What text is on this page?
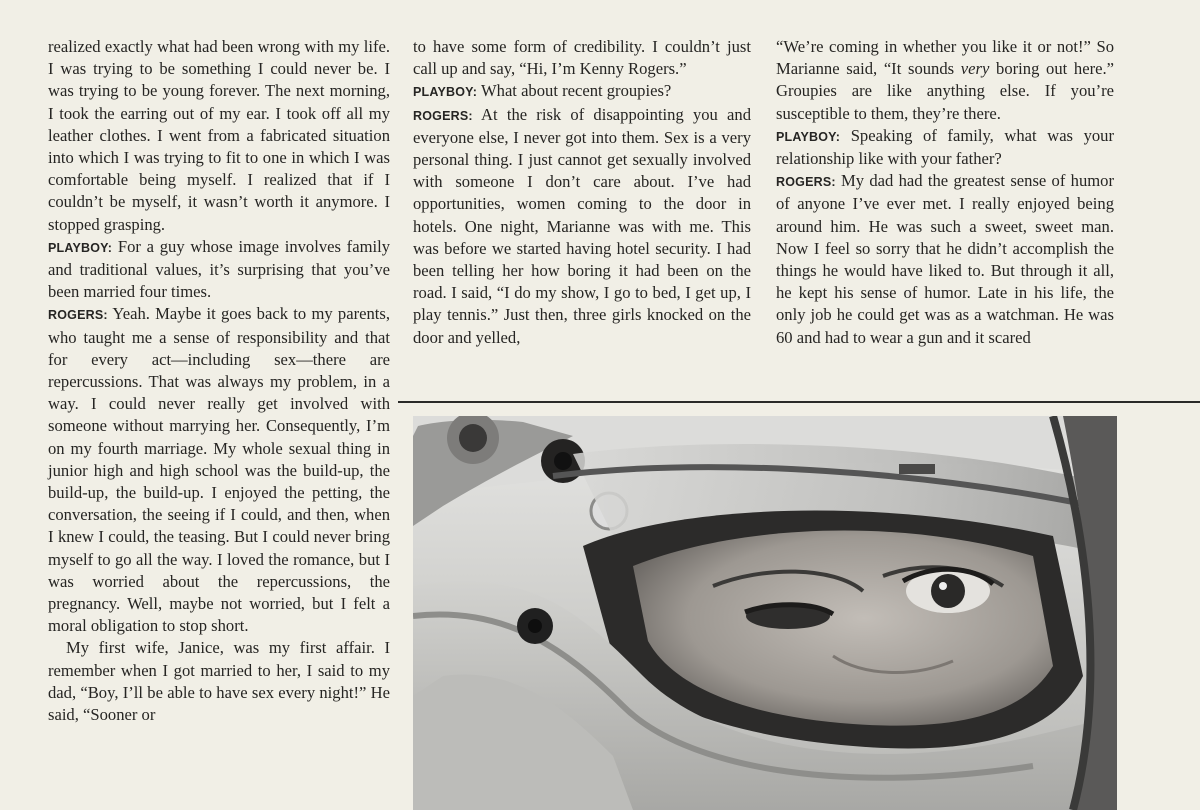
realized exactly what had been wrong with my life. I was trying to be something I could never be. I was trying to be young forever. The next morning, I took the earring out of my ear. I took off all my leather clothes. I went from a fabricated situation into which I was trying to fit to one in which I was comfortable being myself. I realized that if I couldn’t be myself, it wasn’t worth it anymore. I stopped grasping.

PLAYBOY: For a guy whose image involves family and traditional values, it’s surprising that you’ve been married four times.

ROGERS: Yeah. Maybe it goes back to my parents, who taught me a sense of responsibility and that for every act—including sex—there are repercussions. That was always my problem, in a way. I could never really get involved with someone without marrying her. Consequently, I’m on my fourth marriage. My whole sexual thing in junior high and high school was the build-up, the build-up, the build-up. I enjoyed the petting, the conversation, the seeing if I could, and then, when I knew I could, the teasing. But I could never bring myself to go all the way. I loved the romance, but I was worried about the repercussions, the pregnancy. Well, maybe not worried, but I felt a moral obligation to stop short.

My first wife, Janice, was my first affair. I remember when I got married to her, I said to my dad, “Boy, I’ll be able to have sex every night!” He said, “Sooner or

to have some form of credibility. I couldn’t just call up and say, “Hi, I’m Kenny Rogers.”

PLAYBOY: What about recent groupies?

ROGERS: At the risk of disappointing you and everyone else, I never got into them. Sex is a very personal thing. I just cannot get sexually involved with someone I don’t care about. I’ve had opportunities, women coming to the door in hotels. One night, Marianne was with me. This was before we started having hotel security. I had been telling her how boring it had been on the road. I said, “I do my show, I go to bed, I get up, I play tennis.” Just then, three girls knocked on the door and yelled,

“We’re coming in whether you like it or not!” So Marianne said, “It sounds very boring out here.” Groupies are like anything else. If you’re susceptible to them, they’re there.

PLAYBOY: Speaking of family, what was your relationship like with your father?

ROGERS: My dad had the greatest sense of humor of anyone I’ve ever met. I really enjoyed being around him. He was such a sweet, sweet man. Now I feel so sorry that he didn’t accomplish the things he would have liked to. But through it all, he kept his sense of humor. Late in his life, the only job he could get was as a watchman. He was 60 and had to wear a gun and it scared
